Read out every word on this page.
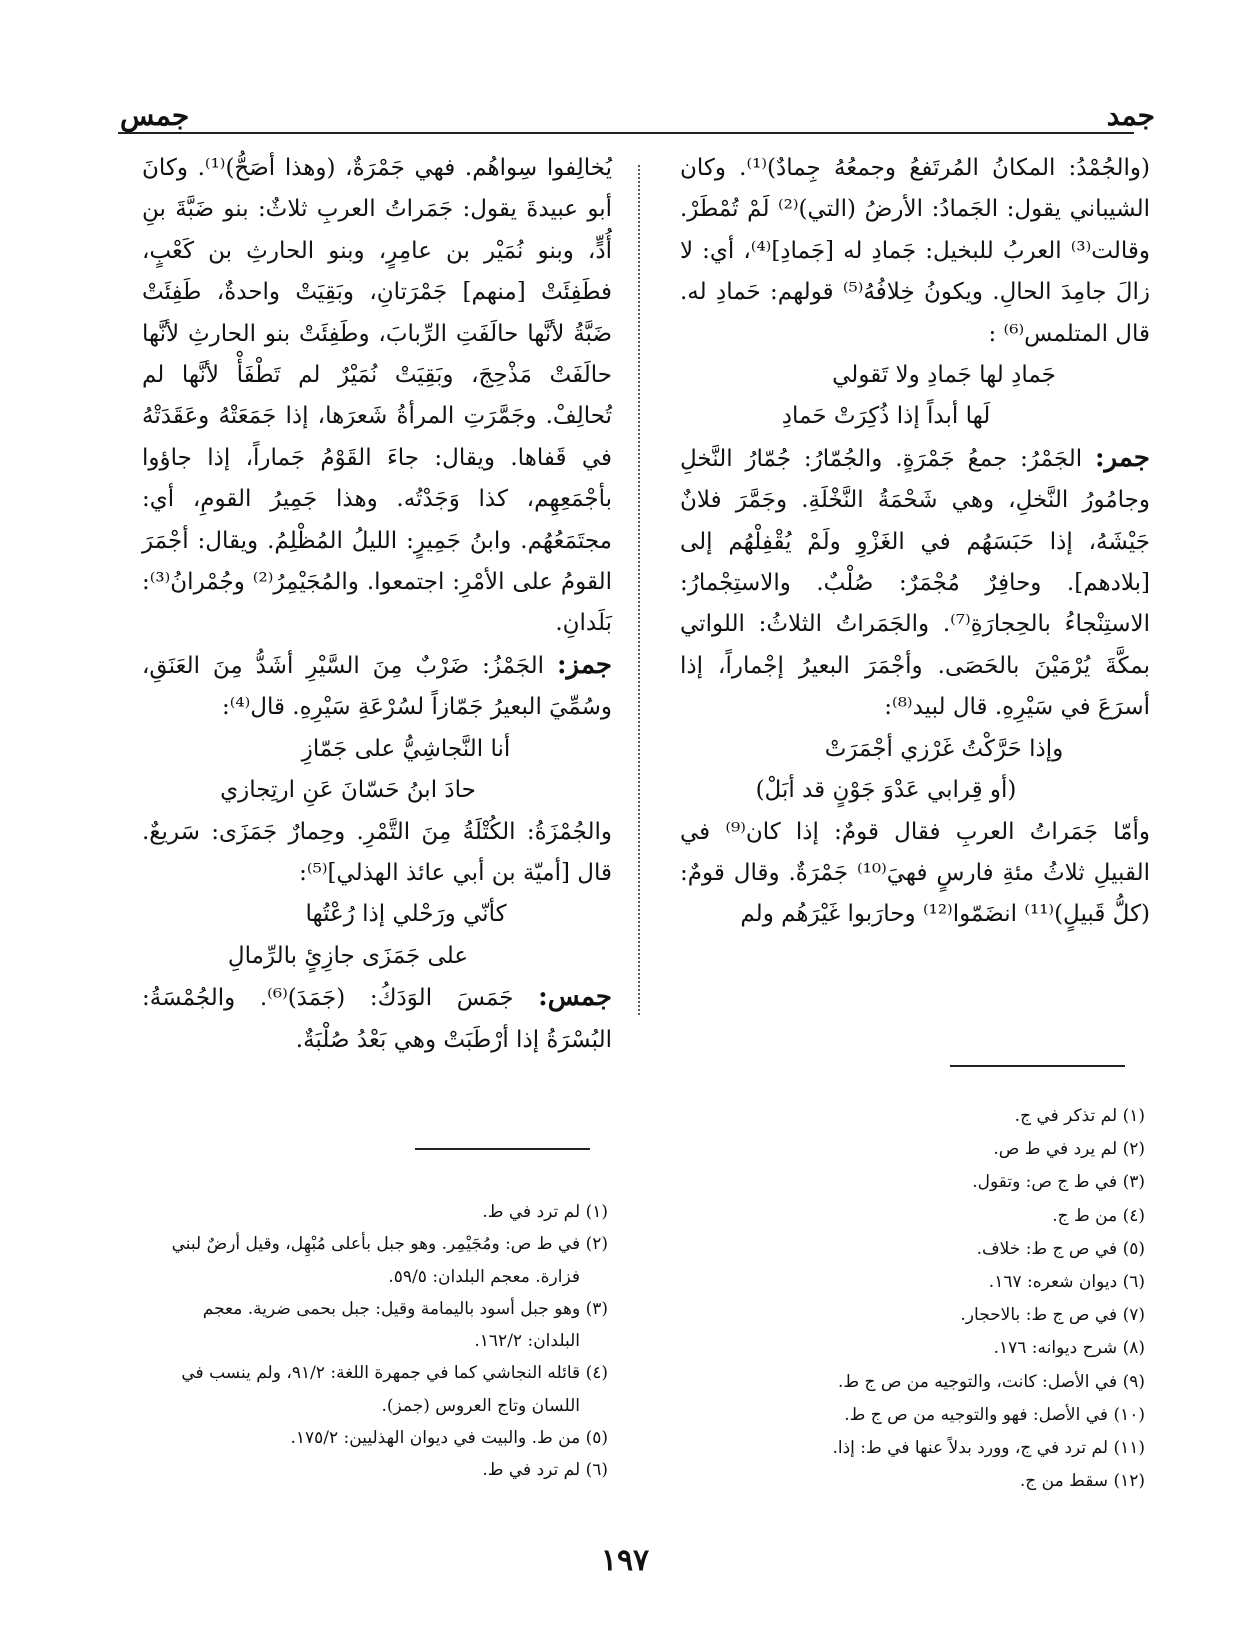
جمد
جمس

(والجُمْدُ: المكانُ المُرتَفعُ وجمعُهُ جِمادٌ)⁽¹⁾. وكان الشيباني يقول: الجَمادُ: الأرضُ (التي)⁽²⁾ لَمْ تُمْطَرْ. وقالت⁽³⁾ العربُ للبخيل: جَمادِ له [جَمادِ]⁽⁴⁾، أي: لا زالَ جامِدَ الحالِ. ويكونُ خِلافُهُ⁽⁵⁾ قولهم: حَمادِ له. قال المتلمس⁽⁶⁾ :

جَمادِ لها جَمادِ ولا تَقولي

لَها أبداً إذا ذُكِرَتْ حَمادِ

جمر: الجَمْرُ: جمعُ جَمْرَةٍ. والجُمّارُ: جُمّارُ النَّخلِ وجامُورُ النَّخلِ، وهي شَحْمَةُ النَّخْلَةِ. وجَمَّرَ فلانٌ جَيْشَهُ، إذا حَبَسَهُم في الغَزْوِ ولَمْ يُقْفِلْهُم إلى [بلادهم]. وحافِرٌ مُجْمَرٌ: صُلْبٌ. والاستِجْمارُ: الاستِنْجاءُ بالحِجارَةِ⁽⁷⁾. والجَمَراتُ الثلاثُ: اللواتي بمكَّةَ يُرْمَيْنَ بالحَصَى. وأجْمَرَ البعيرُ إجْماراً، إذا أسرَعَ في سَيْرِهِ. قال لبيد⁽⁸⁾:

وإذا حَرَّكْتُ غَرْزي أجْمَرَتْ

(أو قِرابي عَدْوَ جَوْنٍ قد أبَلْ)

وأمّا جَمَراتُ العربِ فقال قومٌ: إذا كان⁽⁹⁾ في القبيلِ ثلاثُ مئةِ فارسٍ فهيَ⁽¹⁰⁾ جَمْرَةٌ. وقال قومٌ: (كلُّ قَبيلٍ)⁽¹¹⁾ انضَمّوا⁽¹²⁾ وحارَبوا غَيْرَهُم ولم

يُخالِفوا سِواهُم. فهي جَمْرَةٌ، (وهذا أصَحُّ)⁽¹⁾. وكانَ أبو عبيدةَ يقول: جَمَراتُ العربِ ثلاثٌ: بنو ضَبَّةَ بنِ أُدٍّ، وبنو نُمَيْر بن عامِرٍ، وبنو الحارثِ بن كَعْبٍ، فطَفِئَتْ [منهم] جَمْرَتانِ، وبَقِيَتْ واحدةٌ، طَفِئَتْ ضَبَّةُ لأنَّها حالَفَتِ الرِّبابَ، وطَفِئَتْ بنو الحارثِ لأنَّها حالَفَتْ مَذْحِجَ، وبَقِيَتْ نُمَيْرٌ لم تَطْفَأْ لأنَّها لم تُحالِفْ. وجَمَّرَتِ المرأةُ شَعرَها، إذا جَمَعَتْهُ وعَقَدَتْهُ في قَفاها. ويقال: جاءَ القَوْمُ جَماراً، إذا جاؤوا بأجْمَعِهِم، كذا وَجَدْتُه. وهذا جَمِيرُ القومِ، أي: مجتَمَعُهُم. وابنُ جَمِيرٍ: الليلُ المُظْلِمُ. ويقال: أجْمَرَ القومُ على الأمْرِ: اجتمعوا. والمُجَيْمِرُ⁽²⁾ وجُمْرانُ⁽³⁾: بَلَدانِ.

جمز: الجَمْزُ: ضَرْبٌ مِنَ السَّيْرِ أشَدُّ مِنَ العَنَقِ، وسُمِّيَ البعيرُ جَمّازاً لسُرْعَةِ سَيْرِهِ. قال⁽⁴⁾:

أنا النَّجاشِيُّ على جَمّازِ

حادَ ابنُ حَسّانَ عَنِ ارتِجازي

والجُمْزَةُ: الكُتْلَةُ مِنَ التَّمْرِ. وحِمارٌ جَمَزَى: سَريعٌ. قال [أميّة بن أبي عائذ الهذلي]⁽⁵⁾:

كأنّي ورَحْلي إذا رُعْتُها

على جَمَزَى جازِئٍ بالرِّمالِ

جمس: جَمَسَ الوَدَكُ: (جَمَدَ)⁽⁶⁾. والجُمْسَةُ: البُسْرَةُ إذا أرْطَبَتْ وهي بَعْدُ صُلْبَةٌ.

(١) لم تذكر في ج.
(٢) لم يرد في ط ص.
(٣) في ط ج ص: وتقول.
(٤) من ط ج.
(٥) في ص ج ط: خلاف.
(٦) ديوان شعره: ١٦٧.
(٧) في ص ج ط: بالاحجار.
(٨) شرح ديوانه: ١٧٦.
(٩) في الأصل: كانت، والتوجيه من ص ج ط.
(١٠) في الأصل: فهو والتوجيه من ص ج ط.
(١١) لم ترد في ج، وورد بدلاً عنها في ط: إذا.
(١٢) سقط من ج.
(١) لم ترد في ط.
(٢) في ط ص: ومُجَيْمِر. وهو جبل بأعلى مُبْهِل، وقيل أرضٌ لبني
فزارة. معجم البلدان: ٥٩/٥.
(٣) وهو جبل أسود باليمامة وقيل: جبل بحمى ضرية. معجم
البلدان: ١٦٢/٢.
(٤) قائله النجاشي كما في جمهرة اللغة: ٩١/٢، ولم ينسب في
اللسان وتاج العروس (جمز).
(٥) من ط. والبيت في ديوان الهذليين: ١٧٥/٢.
(٦) لم ترد في ط.
١٩٧
